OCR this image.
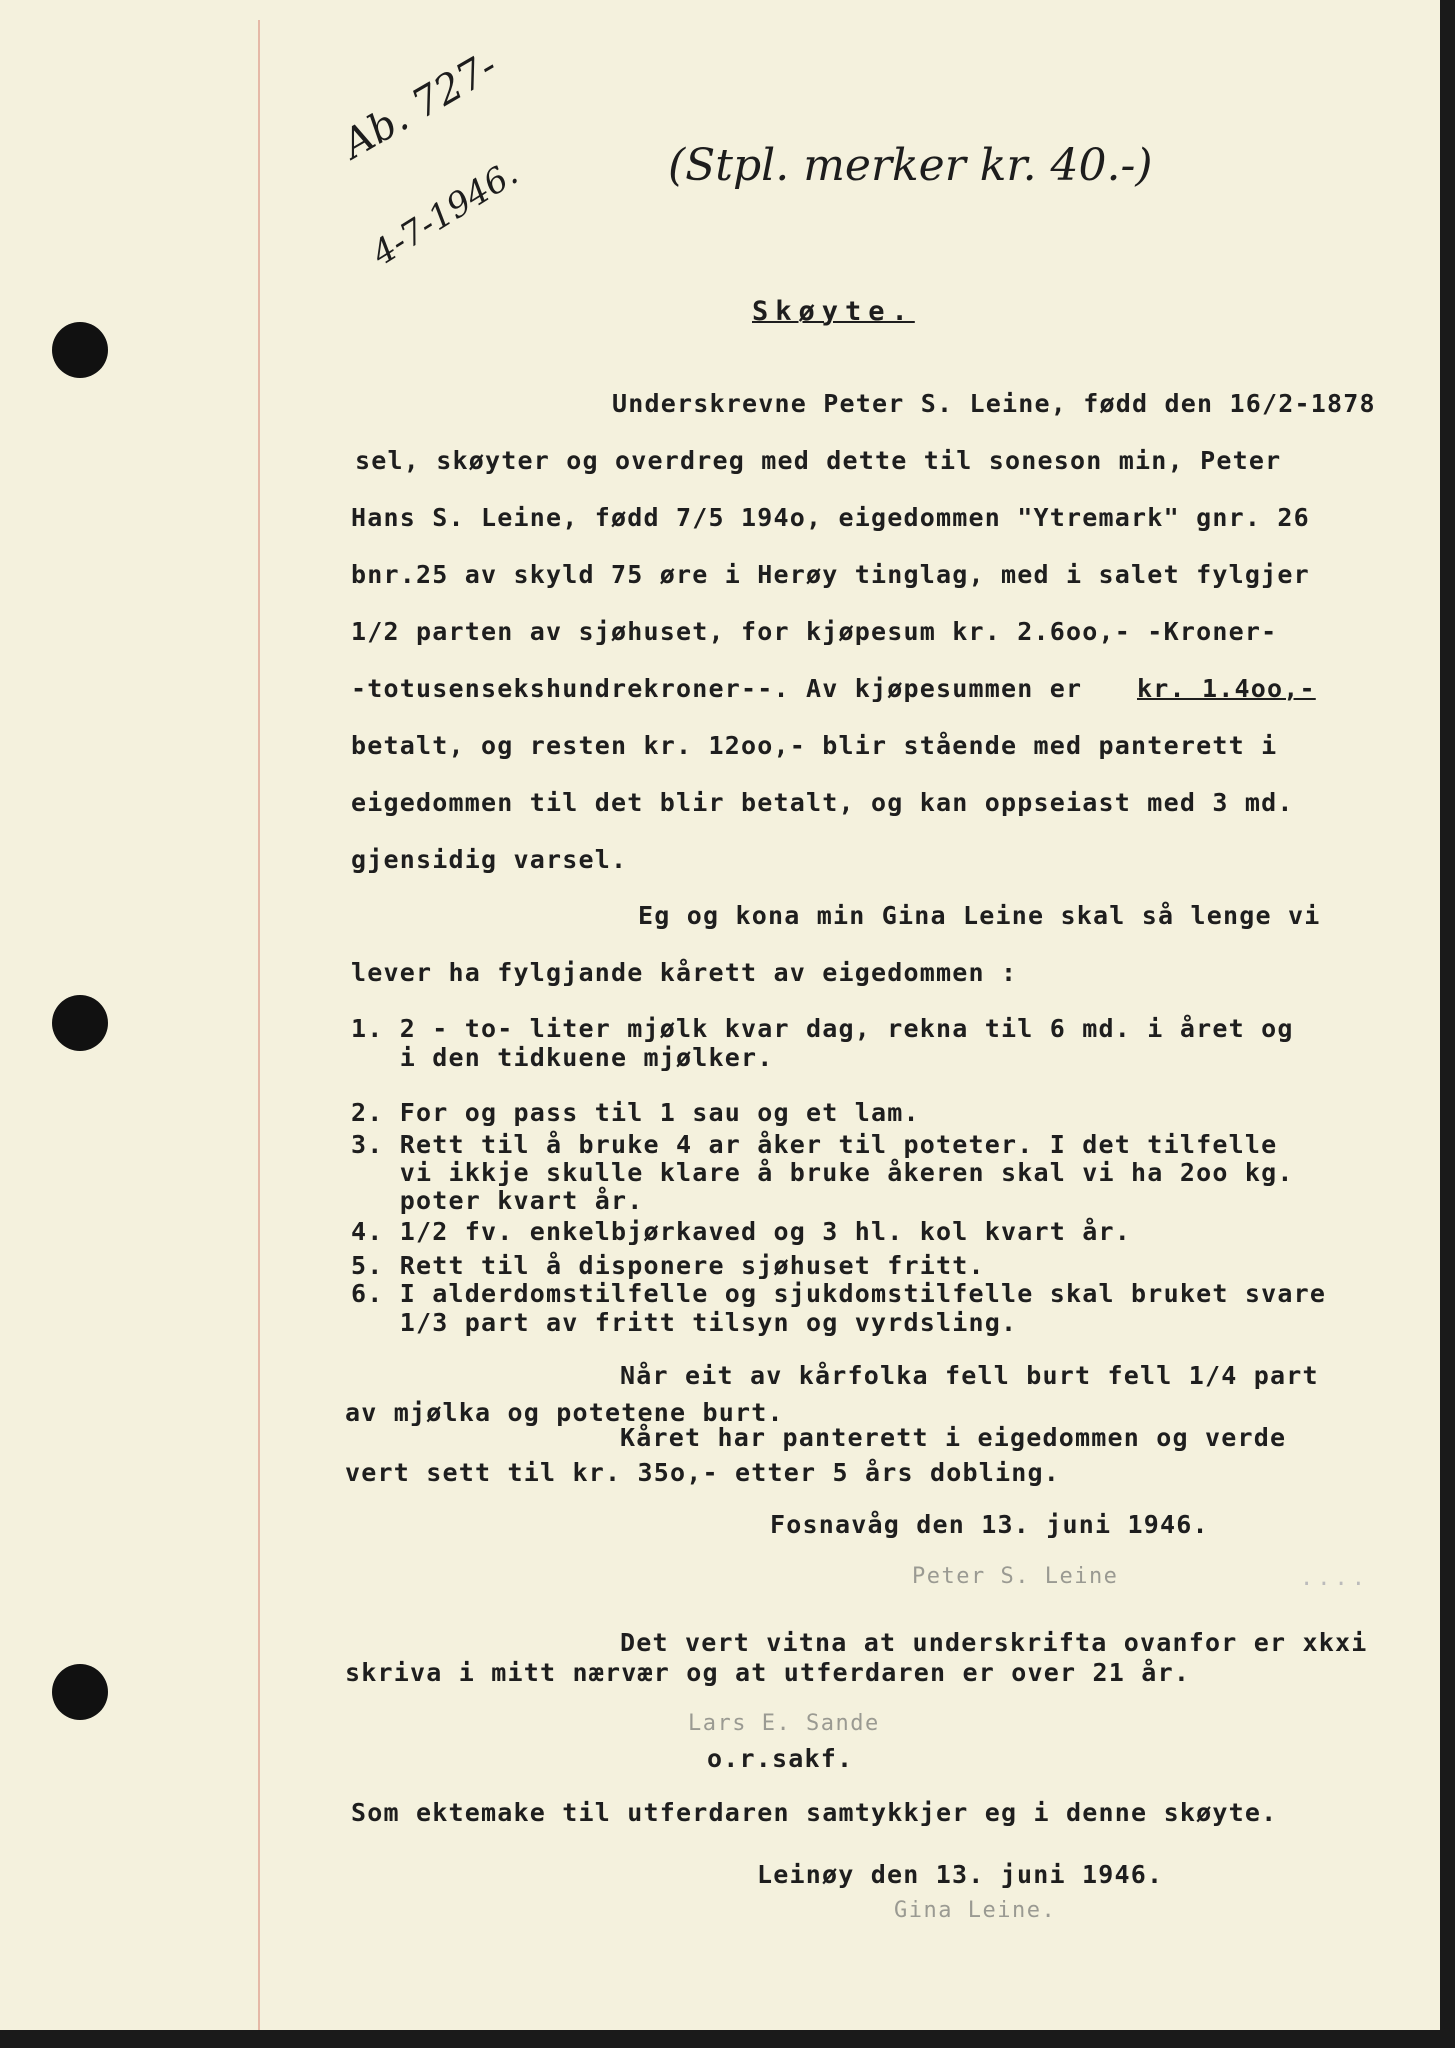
Ab. 727-
4-7-1946.	(Stpl. merker kr. 40.-)
Skøyte.
Underskrevne Peter S. Leine, fødd den 16/2-1878
sel, skøyter og overdreg med dette til soneson min, Peter
Hans S. Leine, fødd 7/5 194o, eigedommen "Ytremark" gnr. 26
bnr.25 av skyld 75 øre i Herøy tinglag, med i salet fylgjer
1/2 parten av sjøhuset, for kjøpesum kr. 2.6oo,- -Kroner-
-totusensekshundrekroner--. Av kjøpesummen er kr. 1.4oo,-
betalt, og resten kr. 12oo,- blir stående med panterett i
eigedommen til det blir betalt, og kan oppseiast med 3 md.
gjensidig varsel.
Eg og kona min Gina Leine skal så lenge vi
lever ha fylgjande kårett av eigedommen :
1. 2 - to- liter mjølk kvar dag, rekna til 6 md. i året og
i den tidkuene mjølker.
2. For og pass til 1 sau og et lam.
3. Rett til å bruke 4 ar åker til poteter. I det tilfelle
vi ikkje skulle klare å bruke åkeren skal vi ha 2oo kg.
poter kvart år.
4. 1/2 fv. enkelbjørkaved og 3 hl. kol kvart år.
5. Rett til å disponere sjøhuset fritt.
6. I alderdomstilfelle og sjukdomstilfelle skal bruket svare
1/3 part av fritt tilsyn og vyrdsling.
Når eit av kårfolka fell burt fell 1/4 part
av mjølka og potetene burt.
Kåret har panterett i eigedommen og verde
vert sett til kr. 35o,- etter 5 års dobling.
Fosnavåg den 13. juni 1946.
Peter S. Leine	....
Det vert vitna at underskrifta ovanfor er xkxi
skriva i mitt nærvær og at utferdaren er over 21 år.
Lars E. Sande
o.r.sakf.
Som ektemake til utferdaren samtykkjer eg i denne skøyte.
Leinøy den 13. juni 1946.
Gina Leine.
